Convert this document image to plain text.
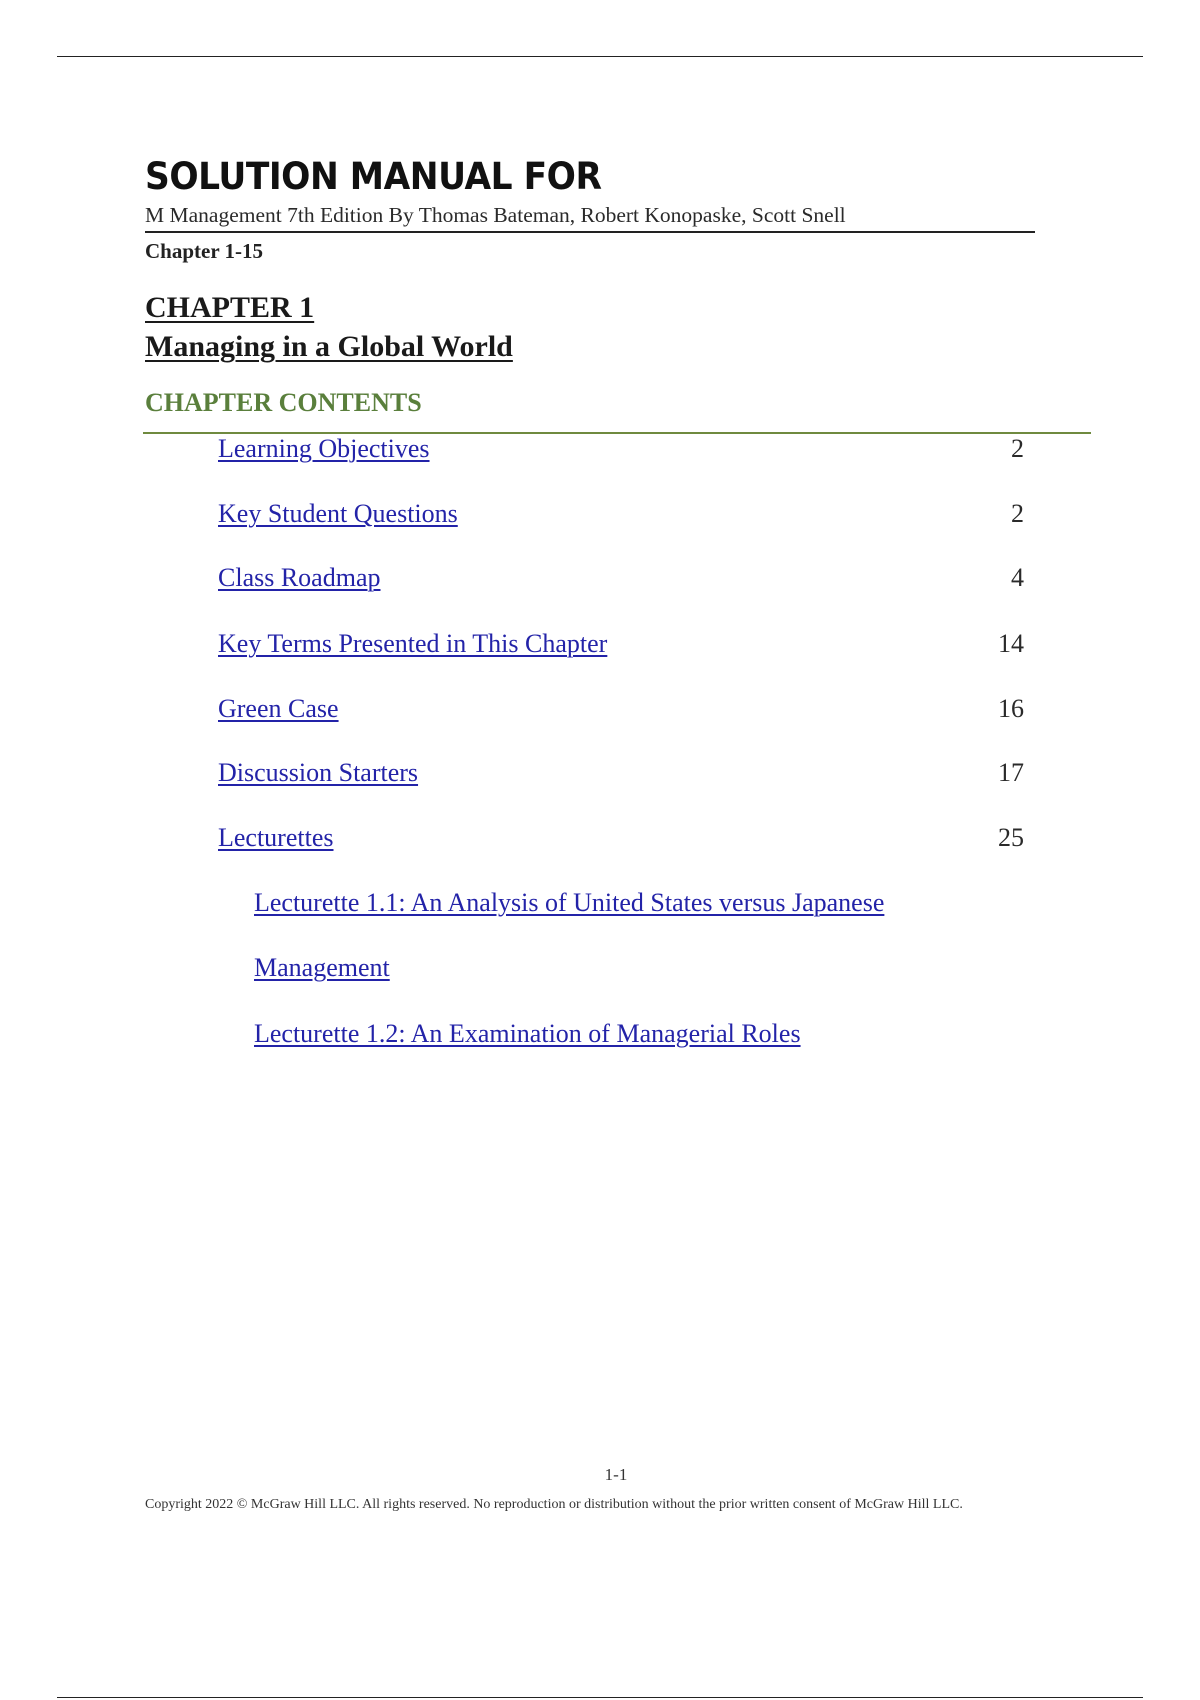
SOLUTION MANUAL FOR
M Management 7th Edition By Thomas Bateman, Robert Konopaske, Scott Snell
Chapter 1-15
CHAPTER 1
Managing in a Global World
CHAPTER CONTENTS
Learning Objectives	2
Key Student Questions	2
Class Roadmap	4
Key Terms Presented in This Chapter	14
Green Case	16
Discussion Starters	17
Lecturettes	25
Lecturette 1.1: An Analysis of United States versus Japanese
Management
Lecturette 1.2: An Examination of Managerial Roles
1-1
Copyright 2022 © McGraw Hill LLC. All rights reserved. No reproduction or distribution without the prior written consent of McGraw Hill LLC.
